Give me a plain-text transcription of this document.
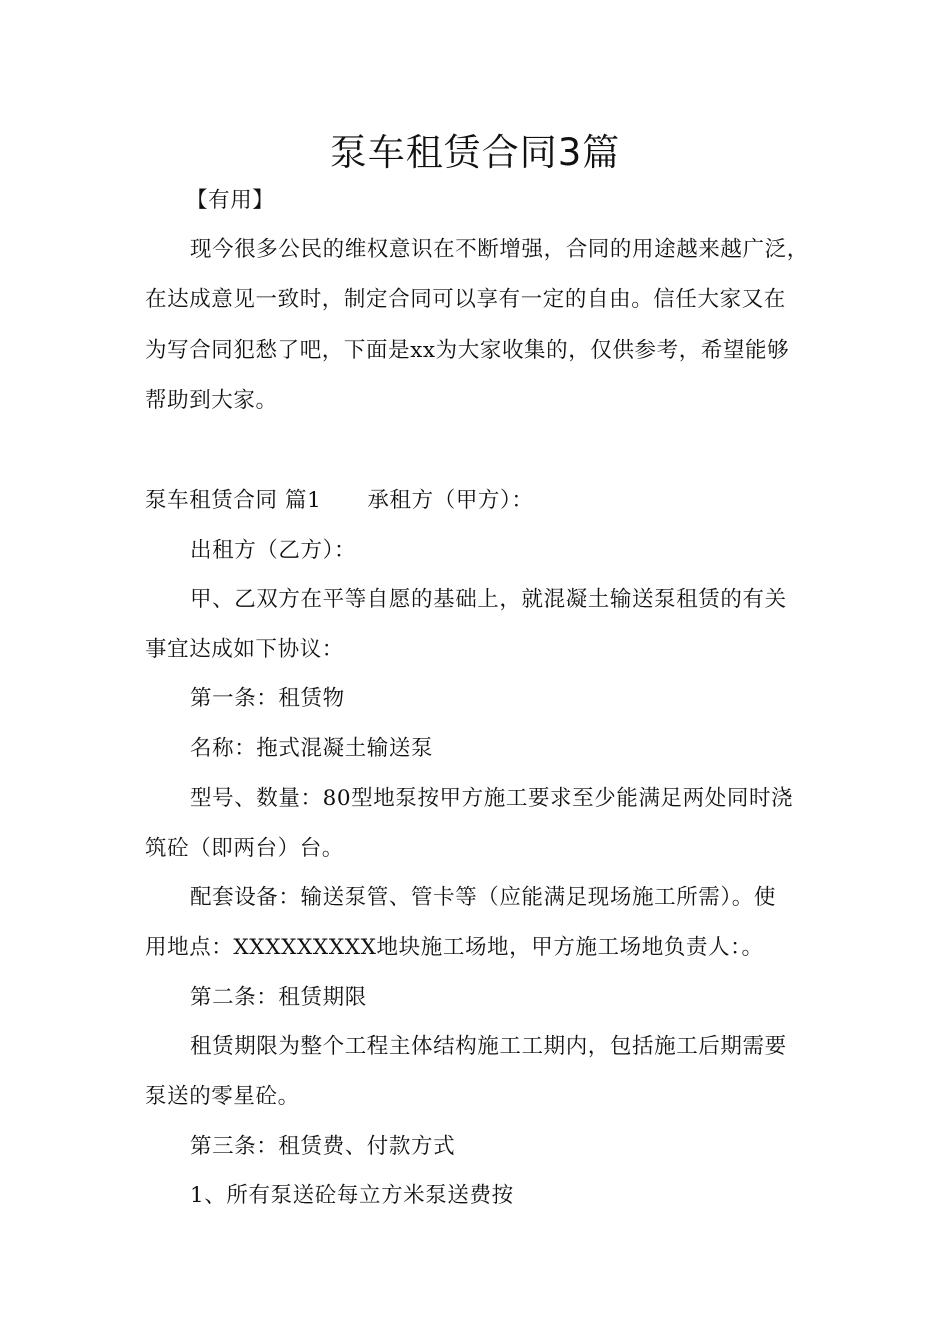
泵车租赁合同3篇
【有用】
现今很多公民的维权意识在不断增强，合同的用途越来越广泛，
在达成意见一致时，制定合同可以享有一定的自由。信任大家又在
为写合同犯愁了吧，下面是xx为大家收集的，仅供参考，希望能够
帮助到大家。
泵车租赁合同 篇1 承租方（甲方）：
出租方（乙方）：
甲、乙双方在平等自愿的基础上，就混凝土输送泵租赁的有关
事宜达成如下协议：
第一条：租赁物
名称：拖式混凝土输送泵
型号、数量：80型地泵按甲方施工要求至少能满足两处同时浇
筑砼（即两台）台。
配套设备：输送泵管、管卡等（应能满足现场施工所需）。使
用地点：XXXXXXXXX地块施工场地，甲方施工场地负责人：。
第二条：租赁期限
租赁期限为整个工程主体结构施工工期内，包括施工后期需要
泵送的零星砼。
第三条：租赁费、付款方式
1、所有泵送砼每立方米泵送费按
